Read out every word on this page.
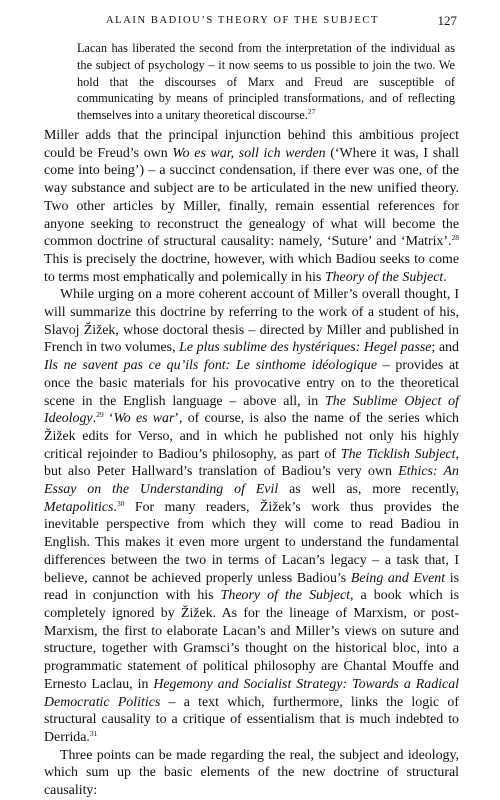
ALAIN BADIOU’S THEORY OF THE SUBJECT	127
Lacan has liberated the second from the interpretation of the individual as the subject of psychology – it now seems to us possible to join the two. We hold that the discourses of Marx and Freud are susceptible of communicating by means of principled transformations, and of reflecting themselves into a unitary theoretical discourse.$^{27}$

Miller adds that the principal injunction behind this ambitious project could be Freud’s own Wo es war, soll ich werden (‘Where it was, I shall come into being’) – a succinct condensation, if there ever was one, of the way substance and subject are to be articulated in the new unified theory. Two other articles by Miller, finally, remain essential references for anyone seeking to reconstruct the genealogy of what will become the common doctrine of structural causality: namely, ‘Suture’ and ‘Matrix’.$^{28}$ This is precisely the doctrine, however, with which Badiou seeks to come to terms most emphatically and polemically in his Theory of the Subject.

While urging on a more coherent account of Miller’s overall thought, I will summarize this doctrine by referring to the work of a student of his, Slavoj Žižek, whose doctoral thesis – directed by Miller and published in French in two volumes, Le plus sublime des hystériques: Hegel passe; and Ils ne savent pas ce qu’ils font: Le sinthome idéologique – provides at once the basic materials for his provocative entry on to the theoretical scene in the English language – above all, in The Sublime Object of Ideology.$^{29}$ ‘Wo es war’, of course, is also the name of the series which Žižek edits for Verso, and in which he published not only his highly critical rejoinder to Badiou’s philosophy, as part of The Ticklish Subject, but also Peter Hallward’s translation of Badiou’s very own Ethics: An Essay on the Understanding of Evil as well as, more recently, Metapolitics.$^{30}$ For many readers, Žižek’s work thus provides the inevitable perspective from which they will come to read Badiou in English. This makes it even more urgent to understand the fundamental differences between the two in terms of Lacan’s legacy – a task that, I believe, cannot be achieved properly unless Badiou’s Being and Event is read in conjunction with his Theory of the Subject, a book which is completely ignored by Žižek. As for the lineage of Marxism, or post-Marxism, the first to elaborate Lacan’s and Miller’s views on suture and structure, together with Gramsci’s thought on the historical bloc, into a programmatic statement of political philosophy are Chantal Mouffe and Ernesto Laclau, in Hegemony and Socialist Strategy: Towards a Radical Democratic Politics – a text which, furthermore, links the logic of structural causality to a critique of essentialism that is much indebted to Derrida.$^{31}$

Three points can be made regarding the real, the subject and ideology, which sum up the basic elements of the new doctrine of structural causality:
